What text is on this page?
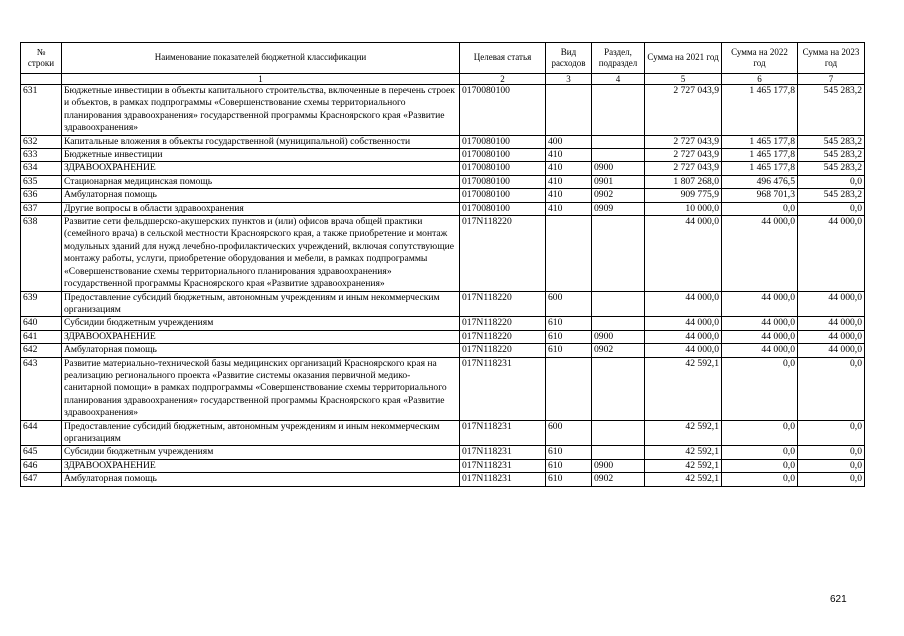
№ строки	Наименование показателей бюджетной классификации	Целевая статья	Вид расходов	Раздел, подраздел	Сумма на 2021 год	Сумма на 2022 год	Сумма на 2023 год
	1	2	3	4	5	6	7
631	Бюджетные инвестиции в объекты капитального строительства, включенные в перечень строек и объектов, в рамках подпрограммы «Совершенствование схемы территориального планирования здравоохранения» государственной программы Красноярского края «Развитие здравоохранения»	0170080100			2 727 043,9	1 465 177,8	545 283,2
632	Капитальные вложения в объекты государственной (муниципальной) собственности	0170080100	400		2 727 043,9	1 465 177,8	545 283,2
633	Бюджетные инвестиции	0170080100	410		2 727 043,9	1 465 177,8	545 283,2
634	ЗДРАВООХРАНЕНИЕ	0170080100	410	0900	2 727 043,9	1 465 177,8	545 283,2
635	Стационарная медицинская помощь	0170080100	410	0901	1 807 268,0	496 476,5	0,0
636	Амбулаторная помощь	0170080100	410	0902	909 775,9	968 701,3	545 283,2
637	Другие вопросы в области здравоохранения	0170080100	410	0909	10 000,0	0,0	0,0
638	Развитие сети фельдшерско-акушерских пунктов и (или) офисов врача общей практики (семейного врача) в сельской местности Красноярского края, а также приобретение и монтаж модульных зданий для нужд лечебно-профилактических учреждений, включая сопутствующие монтажу работы, услуги, приобретение оборудования и мебели, в рамках подпрограммы «Совершенствование схемы территориального планирования здравоохранения» государственной программы Красноярского края «Развитие здравоохранения»	017N118220			44 000,0	44 000,0	44 000,0
639	Предоставление субсидий бюджетным, автономным учреждениям и иным некоммерческим организациям	017N118220	600		44 000,0	44 000,0	44 000,0
640	Субсидии бюджетным учреждениям	017N118220	610		44 000,0	44 000,0	44 000,0
641	ЗДРАВООХРАНЕНИЕ	017N118220	610	0900	44 000,0	44 000,0	44 000,0
642	Амбулаторная помощь	017N118220	610	0902	44 000,0	44 000,0	44 000,0
643	Развитие материально-технической базы медицинских организаций Красноярского края на реализацию регионального проекта «Развитие системы оказания первичной медико-санитарной помощи» в рамках подпрограммы «Совершенствование схемы территориального планирования здравоохранения» государственной программы Красноярского края «Развитие здравоохранения»	017N118231			42 592,1	0,0	0,0
644	Предоставление субсидий бюджетным, автономным учреждениям и иным некоммерческим организациям	017N118231	600		42 592,1	0,0	0,0
645	Субсидии бюджетным учреждениям	017N118231	610		42 592,1	0,0	0,0
646	ЗДРАВООХРАНЕНИЕ	017N118231	610	0900	42 592,1	0,0	0,0
647	Амбулаторная помощь	017N118231	610	0902	42 592,1	0,0	0,0
621
